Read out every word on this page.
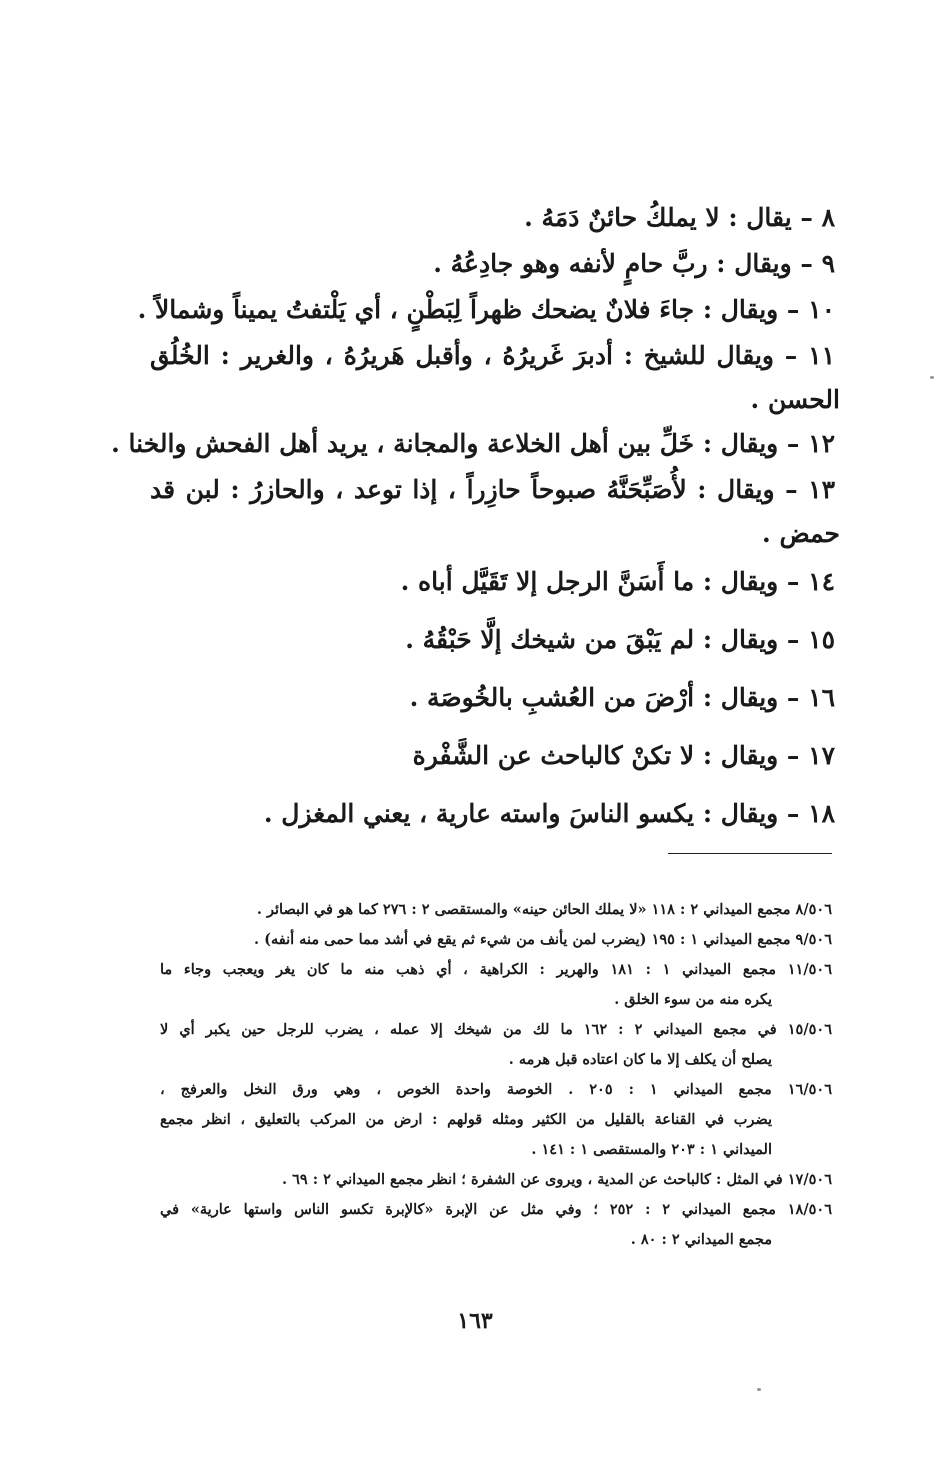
٨ – يقال : لا يملكُ حائنٌ دَمَهُ .
٩ – ويقال : ربَّ حامٍ لأنفه وهو جادِعُهُ .
١٠ – ويقال : جاءَ فلانٌ يضحك ظهراً لِبَطْنٍ ، أي يَلْتفتُ يميناً وشمالاً .
١١ – ويقال للشيخ : أدبرَ غَريرُهُ ، وأقبل هَريرُهُ ، والغرير : الخُلُق
الحسن .
١٢ – ويقال : خَلِّ بين أهل الخلاعة والمجانة ، يريد أهل الفحش والخنا .
١٣ – ويقال : لأُصَبِّحَنَّهُ صبوحاً حازِراً ، إذا توعد ، والحازرُ : لبن قد
حمض .
١٤ – ويقال : ما أَسَنَّ الرجل إلا تَقَيَّل أباه .
١٥ – ويقال : لم يَبْقَ من شيخك إلَّا حَبْقُهُ .
١٦ – ويقال : أرْضَ من العُشبِ بالخُوصَة .
١٧ – ويقال : لا تكنْ كالباحث عن الشَّفْرة
١٨ – ويقال : يكسو الناسَ واسته عارية ، يعني المغزل .
٨/٥٠٦ مجمع الميداني ٢ : ١١٨ «لا يملك الحائن حينه» والمستقصى ٢ : ٢٧٦ كما هو في البصائر .
٩/٥٠٦ مجمع الميداني ١ : ١٩٥ (يضرب لمن يأنف من شيء ثم يقع في أشد مما حمى منه أنفه) .
١١/٥٠٦ مجمع الميداني ١ : ١٨١ والهرير : الكراهية ، أي ذهب منه ما كان يغر ويعجب وجاء ما
يكره منه من سوء الخلق .
١٥/٥٠٦ في مجمع الميداني ٢ : ١٦٢ ما لك من شيخك إلا عمله ، يضرب للرجل حين يكبر أي لا
يصلح أن يكلف إلا ما كان اعتاده قبل هرمه .
١٦/٥٠٦ مجمع الميداني ١ : ٢٠٥ . الخوصة واحدة الخوص ، وهي ورق النخل والعرفج ،
يضرب في القناعة بالقليل من الكثير ومثله قولهم : ارض من المركب بالتعليق ، انظر مجمع
الميداني ١ : ٢٠٣ والمستقصى ١ : ١٤١ .
١٧/٥٠٦ في المثل : كالباحث عن المدية ، ويروى عن الشفرة ؛ انظر مجمع الميداني ٢ : ٦٩ .
١٨/٥٠٦ مجمع الميداني ٢ : ٢٥٢ ؛ وفي مثل عن الإبرة «كالإبرة تكسو الناس واستها عارية» في
مجمع الميداني ٢ : ٨٠ .
١٦٣
